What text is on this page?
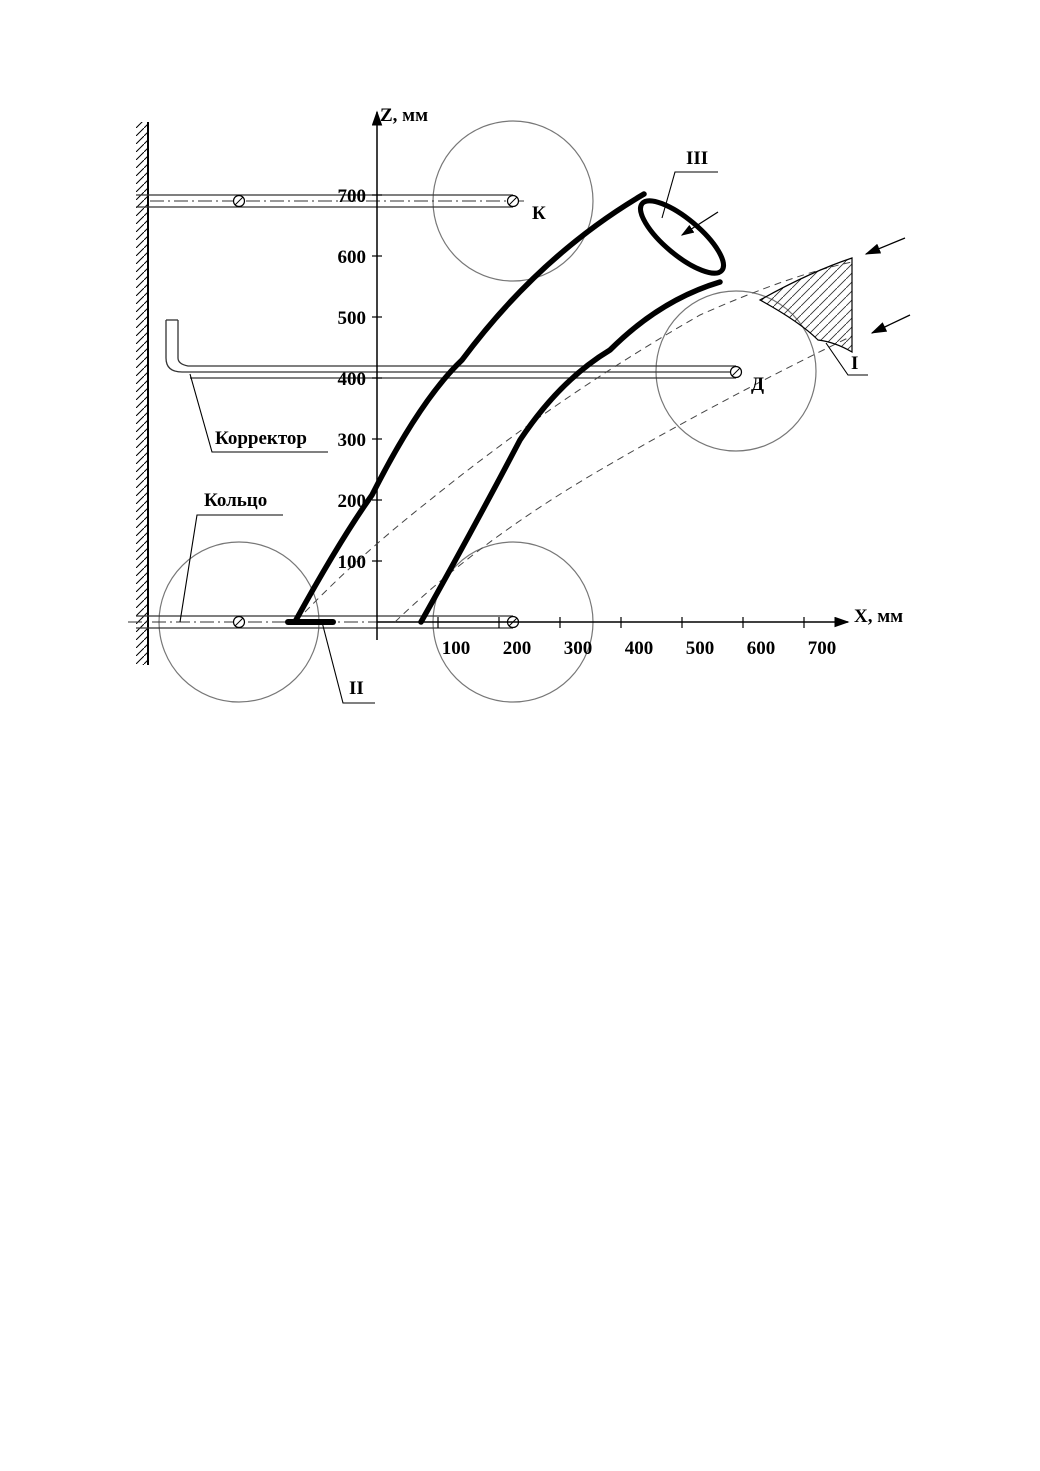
Z, мм
X, мм
100 200 300 400 500 600 700
100
200
300
400
500
600
700
К
Д
Корректор
Кольцо
I
II
III
